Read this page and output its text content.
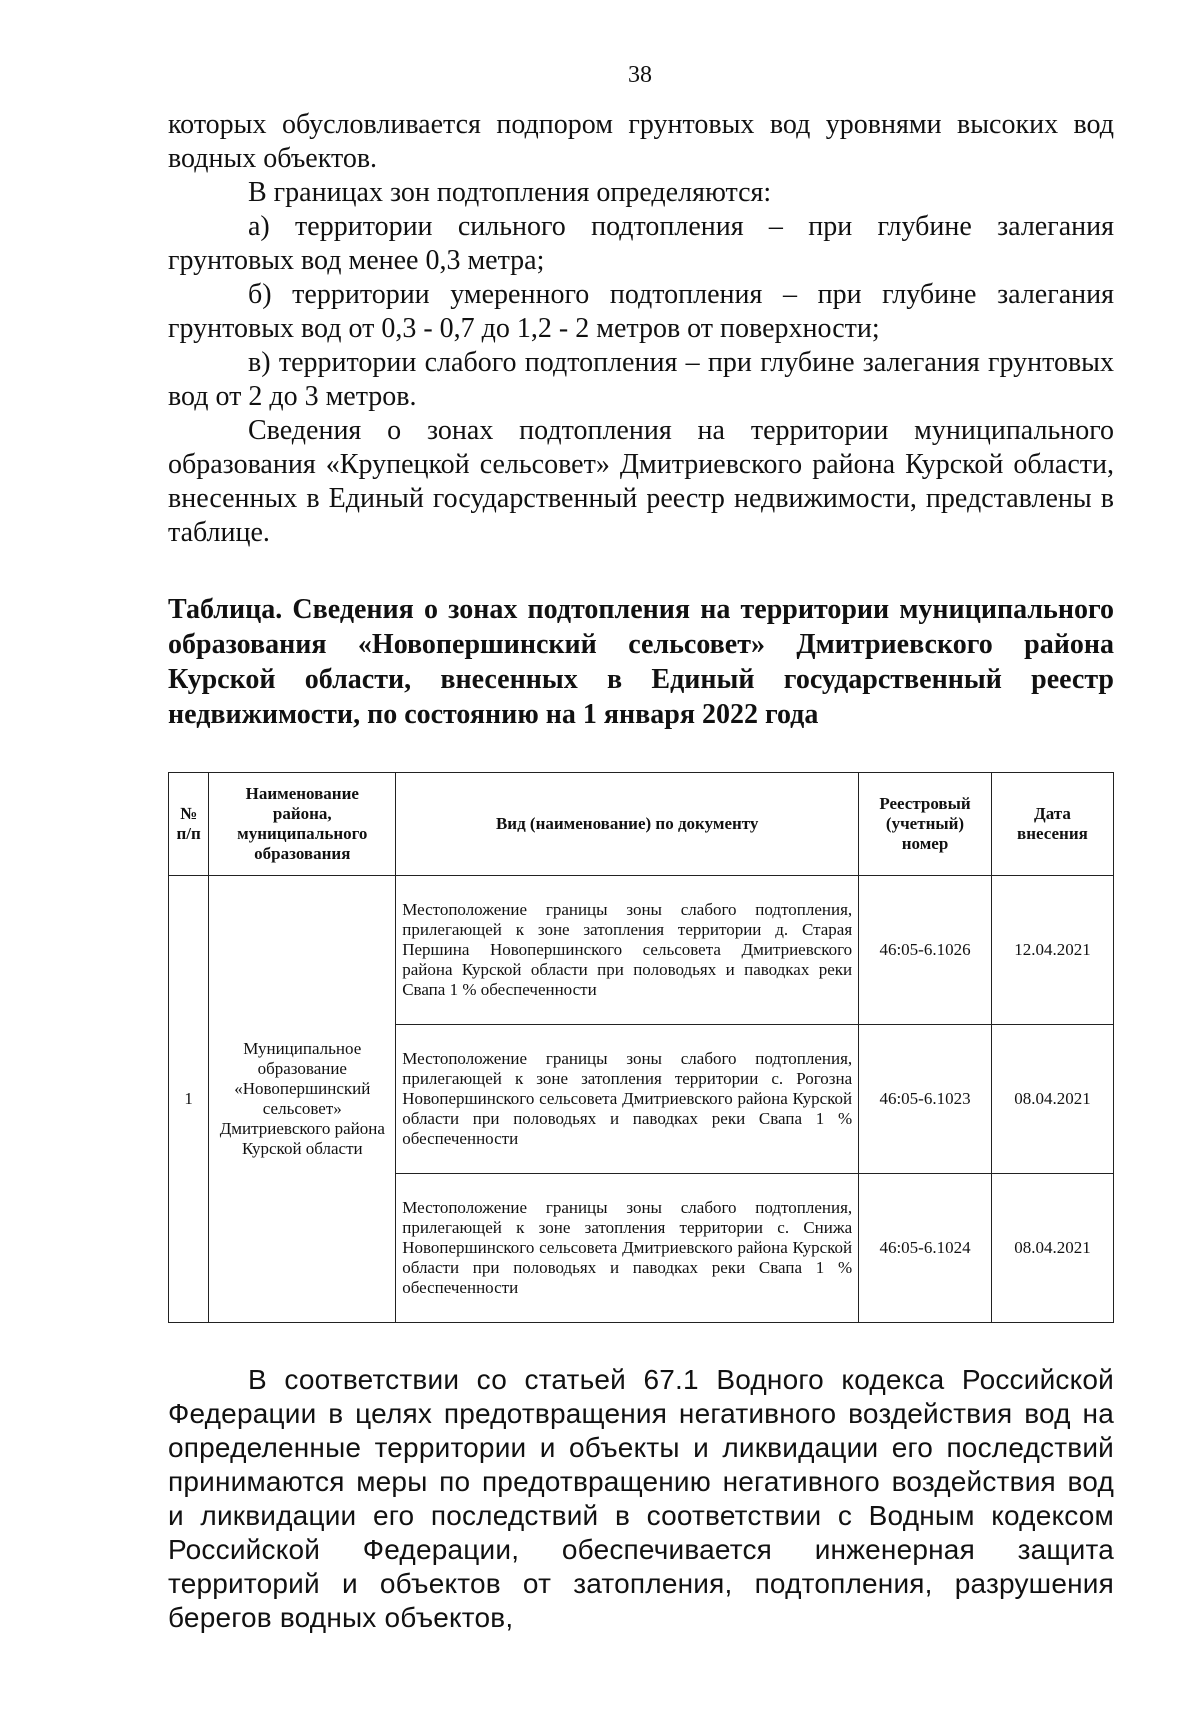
38

которых обусловливается подпором грунтовых вод уровнями высоких вод водных объектов.

В границах зон подтопления определяются:

а) территории сильного подтопления – при глубине залегания грунтовых вод менее 0,3 метра;

б) территории умеренного подтопления – при глубине залегания грунтовых вод от 0,3 - 0,7 до 1,2 - 2 метров от поверхности;

в) территории слабого подтопления – при глубине залегания грунтовых вод от 2 до 3 метров.

Сведения о зонах подтопления на территории муниципального образования «Крупецкой сельсовет» Дмитриевского района Курской области, внесенных в Единый государственный реестр недвижимости, представлены в таблице.

Таблица. Сведения о зонах подтопления на территории муниципального образования «Новопершинский сельсовет» Дмитриевского района Курской области, внесенных в Единый государственный реестр недвижимости, по состоянию на 1 января 2022 года

№ п/п	Наименование района, муниципального образования	Вид (наименование) по документу	Реестровый (учетный) номер	Дата внесения
1	Муниципальное образование «Новопершинский сельсовет» Дмитриевского района Курской области	Местоположение границы зоны слабого подтопления, прилегающей к зоне затопления территории д. Старая Першина Новопершинского сельсовета Дмитриевского района Курской области при половодьях и паводках реки Свапа 1 % обеспеченности	46:05-6.1026	12.04.2021
		Местоположение границы зоны слабого подтопления, прилегающей к зоне затопления территории с. Рогозна Новопершинского сельсовета Дмитриевского района Курской области при половодьях и паводках реки Свапа 1 % обеспеченности	46:05-6.1023	08.04.2021
		Местоположение границы зоны слабого подтопления, прилегающей к зоне затопления территории с. Снижа Новопершинского сельсовета Дмитриевского района Курской области при половодьях и паводках реки Свапа 1 % обеспеченности	46:05-6.1024	08.04.2021

В соответствии со статьей 67.1 Водного кодекса Российской Федерации в целях предотвращения негативного воздействия вод на определенные территории и объекты и ликвидации его последствий принимаются меры по предотвращению негативного воздействия вод и ликвидации его последствий в соответствии с Водным кодексом Российской Федерации, обеспечивается инженерная защита территорий и объектов от затопления, подтопления, разрушения берегов водных объектов,
